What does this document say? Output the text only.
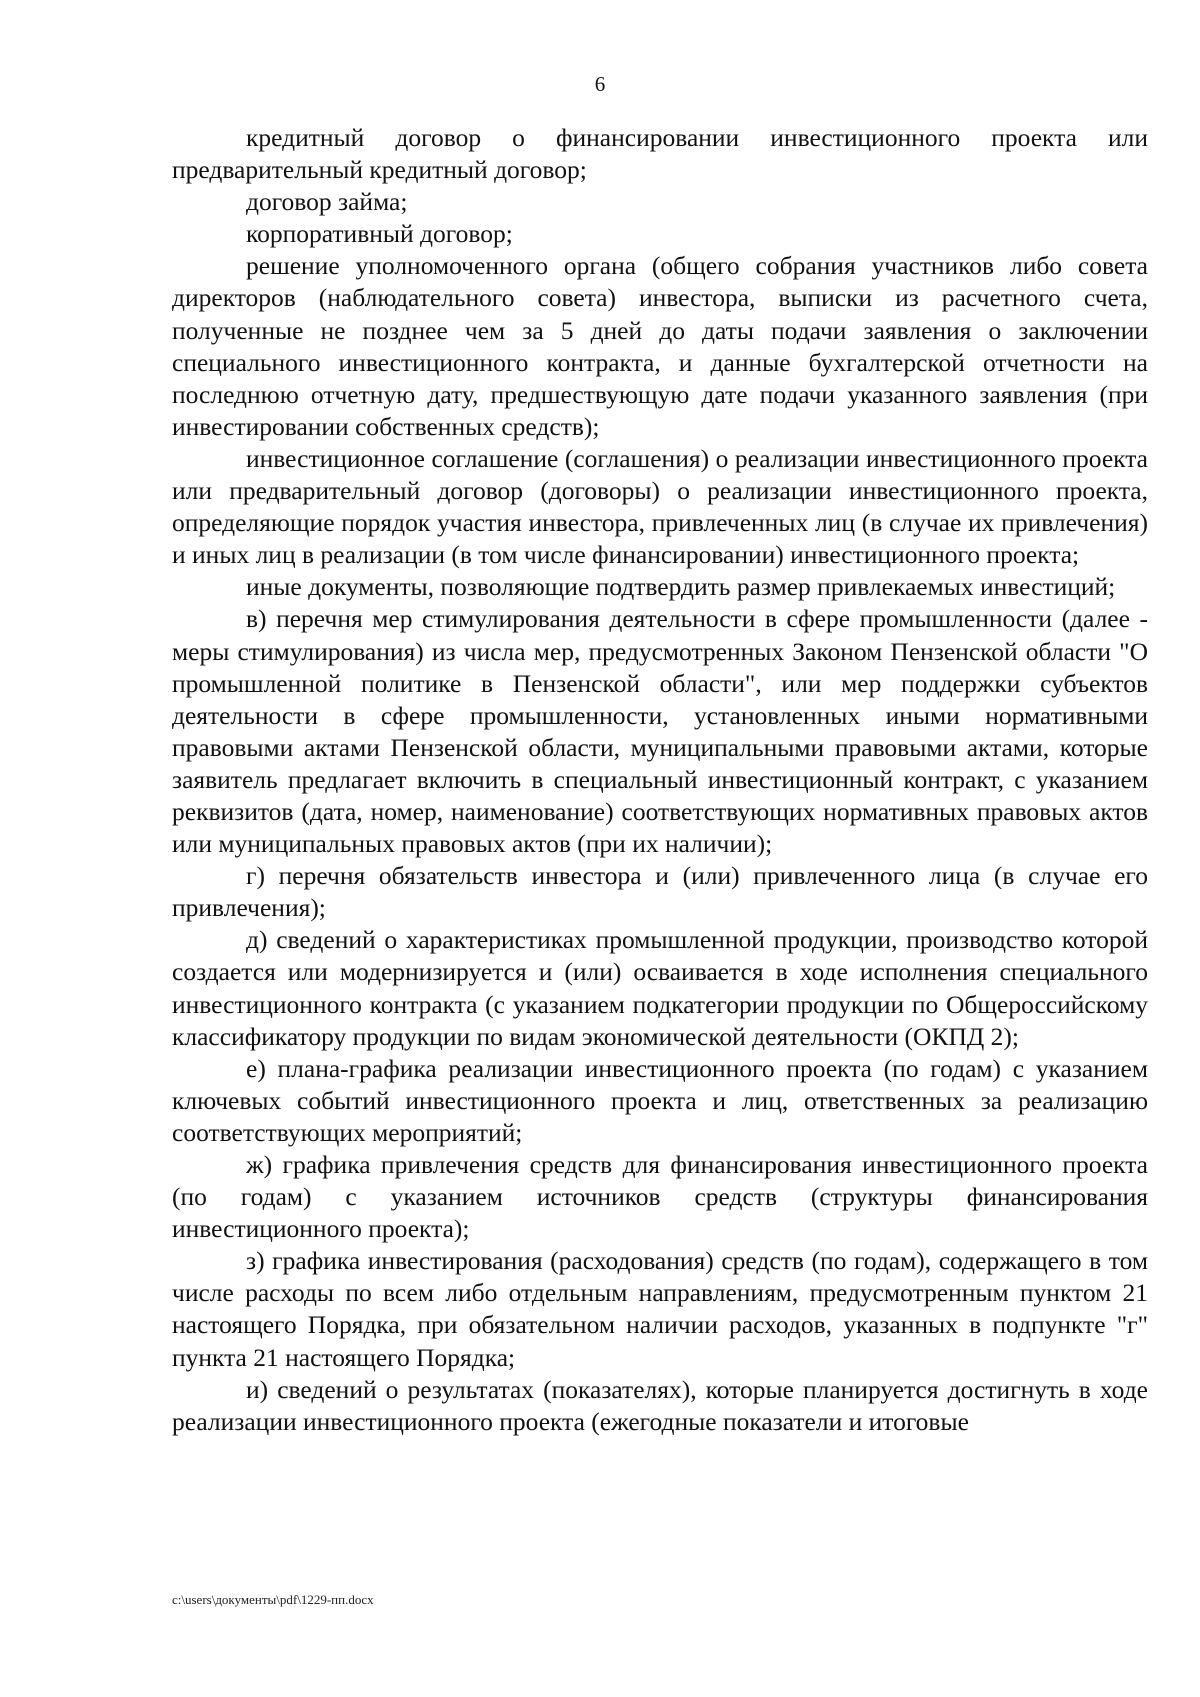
6

кредитный договор о финансировании инвестиционного проекта или предварительный кредитный договор;

договор займа;

корпоративный договор;

решение уполномоченного органа (общего собрания участников либо совета директоров (наблюдательного совета) инвестора, выписки из расчетного счета, полученные не позднее чем за 5 дней до даты подачи заявления о заключении специального инвестиционного контракта, и данные бухгалтерской отчетности на последнюю отчетную дату, предшествующую дате подачи указанного заявления (при инвестировании собственных средств);

инвестиционное соглашение (соглашения) о реализации инвестиционного проекта или предварительный договор (договоры) о реализации инвестиционного проекта, определяющие порядок участия инвестора, привлеченных лиц (в случае их привлечения) и иных лиц в реализации (в том числе финансировании) инвестиционного проекта;

иные документы, позволяющие подтвердить размер привлекаемых инвестиций;

в) перечня мер стимулирования деятельности в сфере промышленности (далее - меры стимулирования) из числа мер, предусмотренных Законом Пензенской области "О промышленной политике в Пензенской области", или мер поддержки субъектов деятельности в сфере промышленности, установленных иными нормативными правовыми актами Пензенской области, муниципальными правовыми актами, которые заявитель предлагает включить в специальный инвестиционный контракт, с указанием реквизитов (дата, номер, наименование) соответствующих нормативных правовых актов или муниципальных правовых актов (при их наличии);

г) перечня обязательств инвестора и (или) привлеченного лица (в случае его привлечения);

д) сведений о характеристиках промышленной продукции, производство которой создается или модернизируется и (или) осваивается в ходе исполнения специального инвестиционного контракта (с указанием подкатегории продукции по Общероссийскому классификатору продукции по видам экономической деятельности (ОКПД 2);

е) плана-графика реализации инвестиционного проекта (по годам) с указанием ключевых событий инвестиционного проекта и лиц, ответственных за реализацию соответствующих мероприятий;

ж) графика привлечения средств для финансирования инвестиционного проекта (по годам) с указанием источников средств (структуры финансирования инвестиционного проекта);

з) графика инвестирования (расходования) средств (по годам), содержащего в том числе расходы по всем либо отдельным направлениям, предусмотренным пунктом 21 настоящего Порядка, при обязательном наличии расходов, указанных в подпункте "г" пункта 21 настоящего Порядка;

и) сведений о результатах (показателях), которые планируется достигнуть в ходе реализации инвестиционного проекта (ежегодные показатели и итоговые

c:\users\документы\pdf\1229-пп.docx
